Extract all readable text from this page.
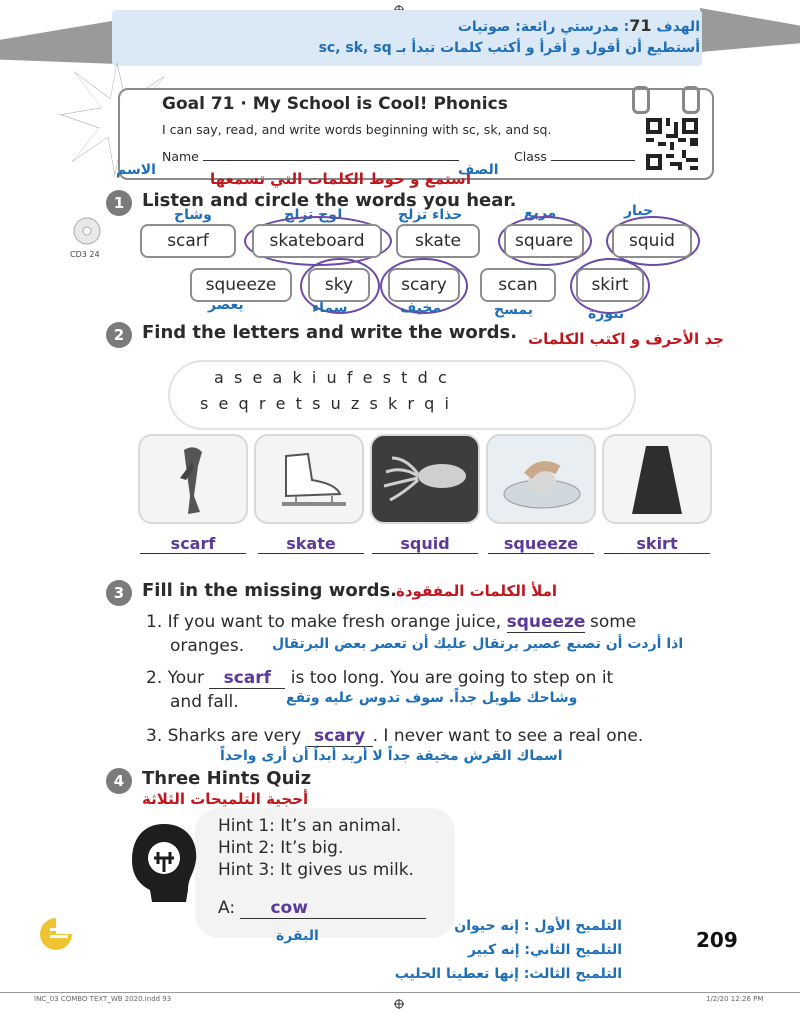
الهدف 71: مدرستي رائعة: صوتيات
أستطيع أن أقول و أقرأ و أكتب كلمات تبدأ بـ sc, sk, sq
Goal 71 · My School is Cool! Phonics
I can say, read, and write words beginning with sc, sk, and sq.
Name	Class
الاسم	استمع و حوط الكلمات التي تسمعها
الصف
1 Listen and circle the words you hear.
CD3 24
وشاح
scarf
لوح تزلج
skateboard
حذاء تزلج
skate
مربع
square
حبار
squid
squeeze
يعصر
sky
سماء
scary
مخيف
scan
يمسح
skirt
تنورة
2 Find the letters and write the words. جد الأحرف و اكتب الكلمات
a  s  e  a  k  i  u  f  e  s  t  d  c
s  e  q  r  e  t  s  u  z  s  k  r  q  i
scarf	skate	squid	squeeze	skirt
3 Fill in the missing words.
املأ الكلمات المفقودة
1. If you want to make fresh orange juice, squeeze some
oranges. اذا أردت أن تصنع عصير برتقال عليك أن تعصر بعض البرتقال
2. Your scarf is too long. You are going to step on it
and fall.	وشاحك طويل جداً. سوف تدوس عليه وتقع
3. Sharks are very scary . I never want to see a real one.
اسماك القرش مخيفة جداً لا أريد أبداً أن أرى واحداً
4 Three Hints Quiz
أحجية التلميحات الثلاثة
Hint 1: It’s an animal.
Hint 2: It’s big.
Hint 3: It gives us milk.
A: cow
البقرة
التلميح الأول : إنه حيوان
التلميح الثاني: إنه كبير
التلميح الثالث: إنها تعطينا الحليب
209
INC_03 COMBO TEXT_WB 2020.indd 93	1/2/20 12:26 PM
